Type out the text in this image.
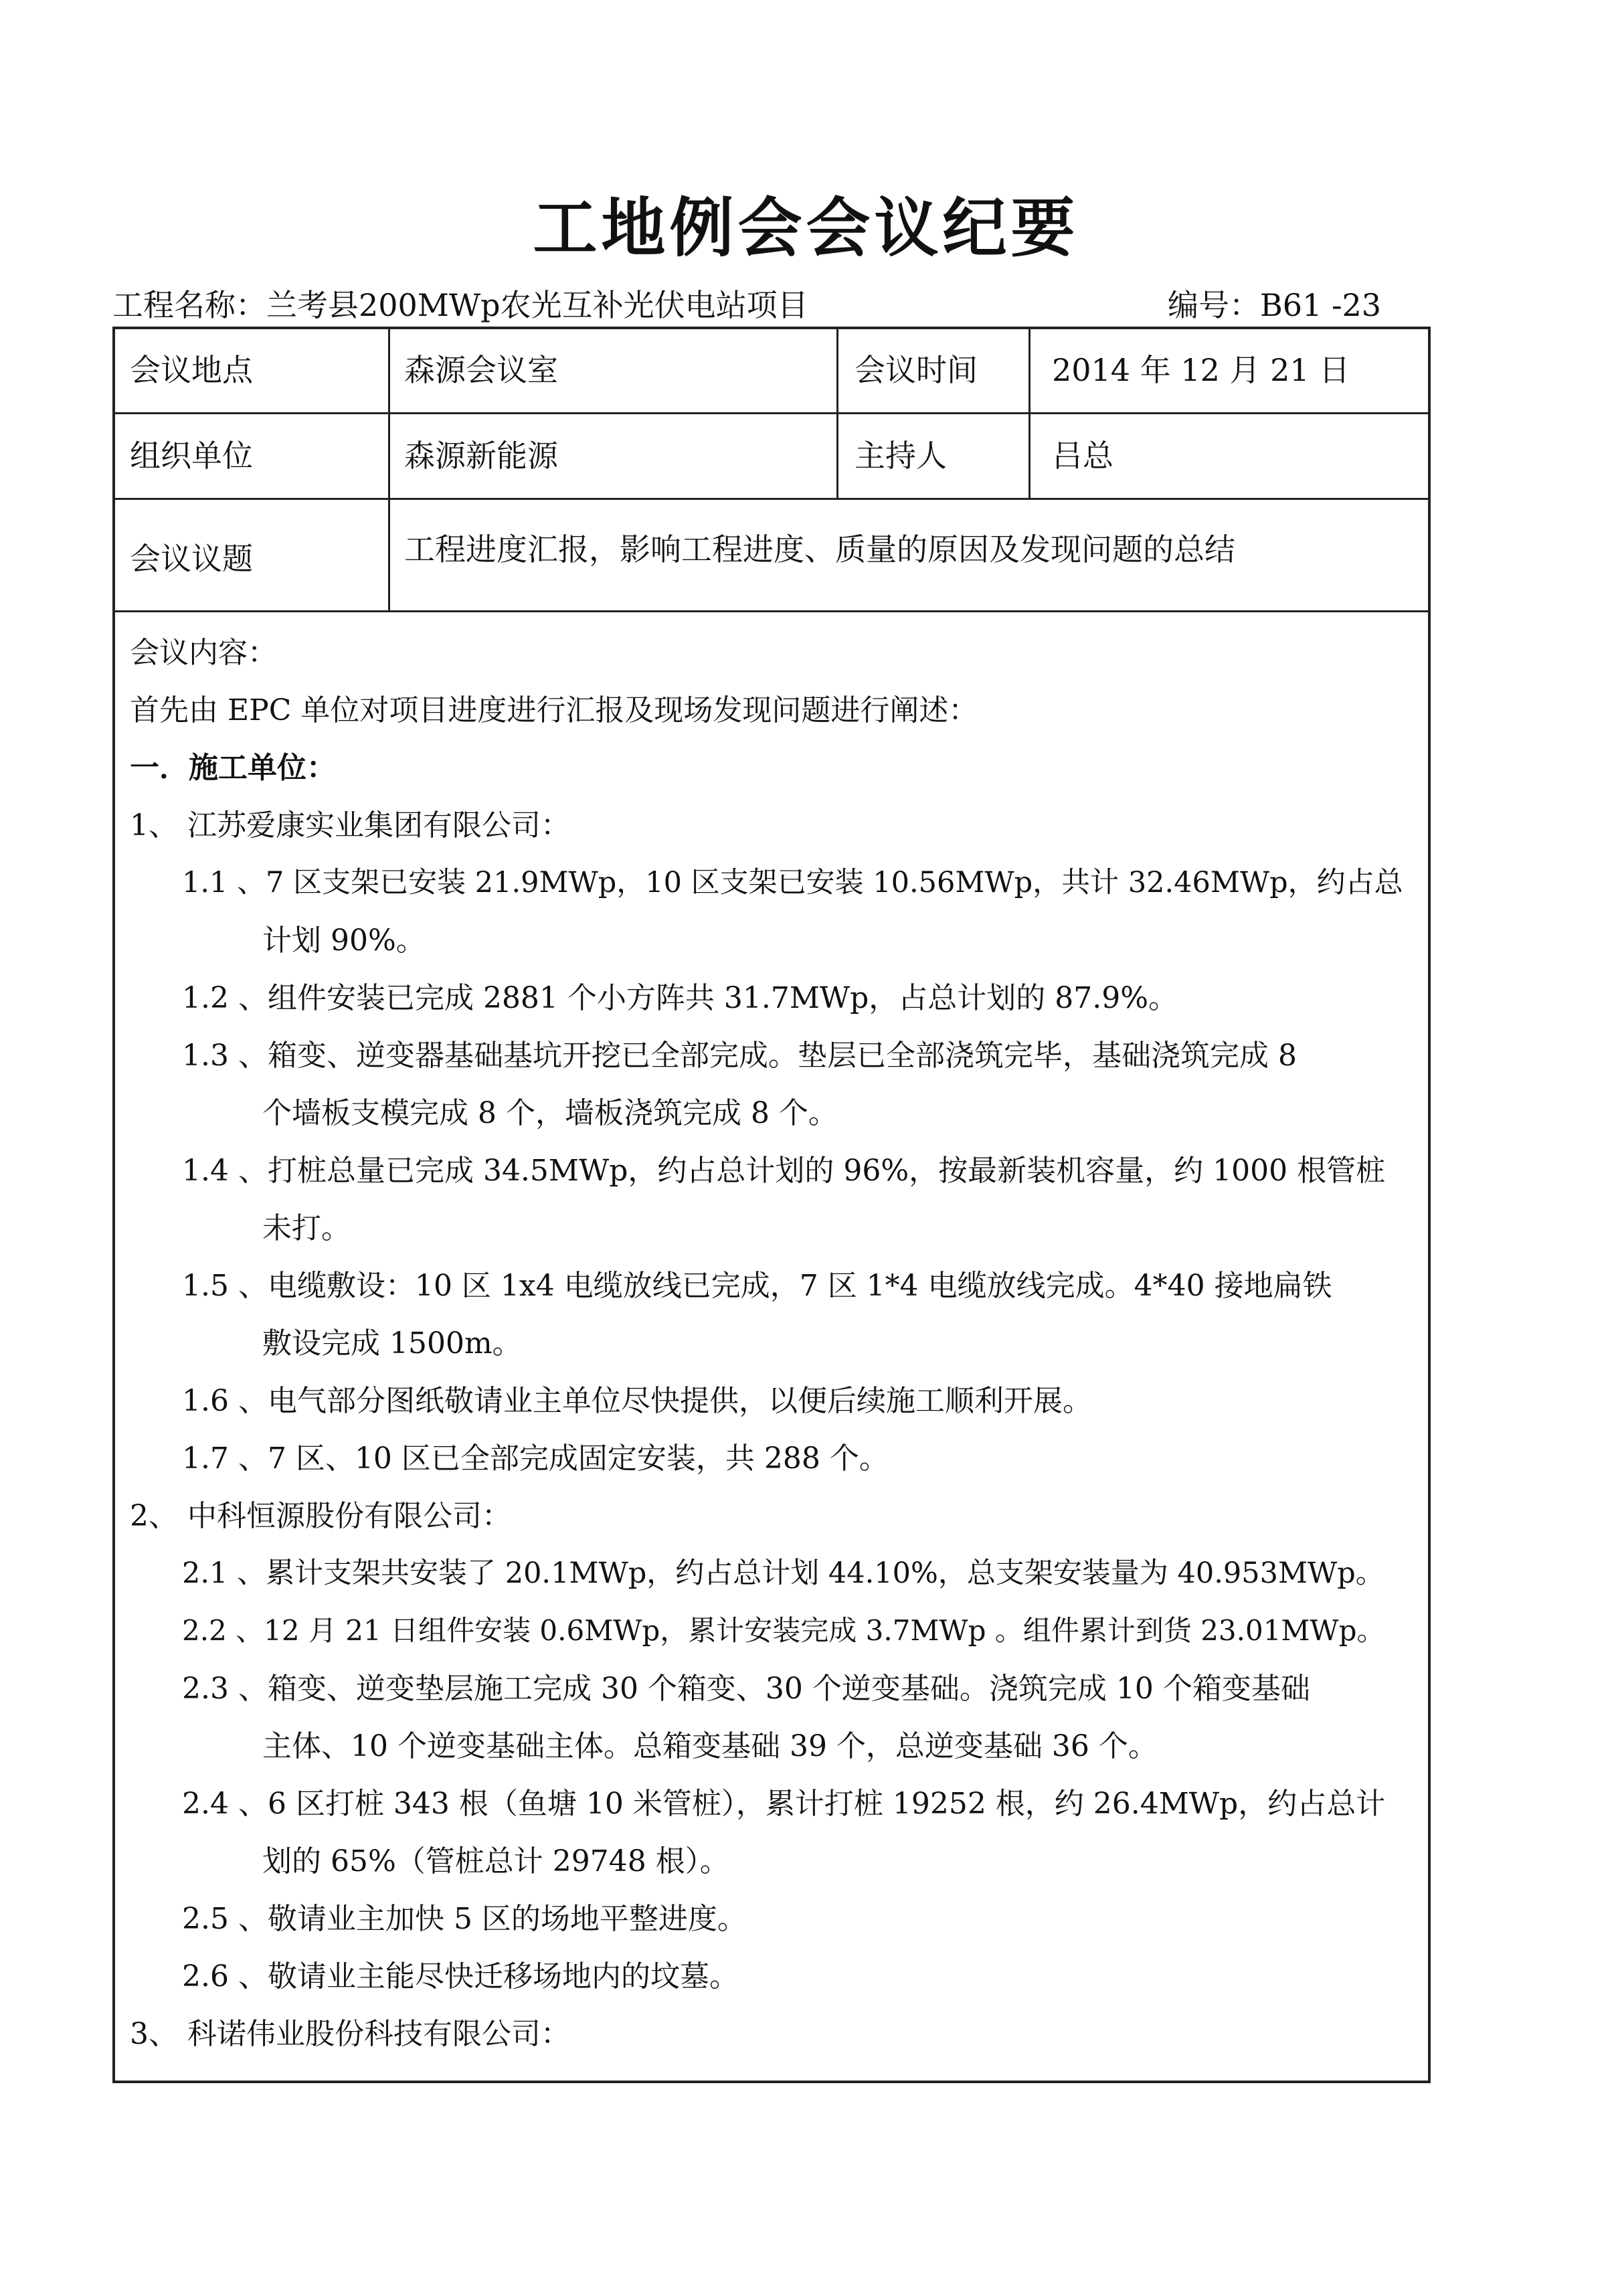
工地例会会议纪要
工程名称：兰考县200MWp农光互补光伏电站项目	编号：B61 -23
会议地点	森源会议室	会议时间 2014 年 12 月 21 日
组织单位	森源新能源	主持人	吕总
会议议题	工程进度汇报，影响工程进度、质量的原因及发现问题的总结
会议内容：
首先由 EPC 单位对项目进度进行汇报及现场发现问题进行阐述：
一．施工单位：
1、 江苏爱康实业集团有限公司：
1.1 、7 区支架已安装 21.9MWp，10 区支架已安装 10.56MWp，共计 32.46MWp，约占总
计划 90%。
1.2 、组件安装已完成 2881 个小方阵共 31.7MWp，占总计划的 87.9%。
1.3 、箱变、逆变器基础基坑开挖已全部完成。垫层已全部浇筑完毕，基础浇筑完成 8
个墙板支模完成 8 个，墙板浇筑完成 8 个。
1.4 、打桩总量已完成 34.5MWp，约占总计划的 96%，按最新装机容量，约 1000 根管桩
未打。
1.5 、电缆敷设：10 区 1x4 电缆放线已完成，7 区 1*4 电缆放线完成。4*40 接地扁铁
敷设完成 1500m。
1.6 、电气部分图纸敬请业主单位尽快提供，以便后续施工顺利开展。
1.7 、7 区、10 区已全部完成固定安装，共 288 个。
2、 中科恒源股份有限公司：
2.1 、累计支架共安装了 20.1MWp，约占总计划 44.10%，总支架安装量为 40.953MWp。
2.2 、12 月 21 日组件安装 0.6MWp，累计安装完成 3.7MWp 。组件累计到货 23.01MWp。
2.3 、箱变、逆变垫层施工完成 30 个箱变、30 个逆变基础。浇筑完成 10 个箱变基础
主体、10 个逆变基础主体。总箱变基础 39 个，总逆变基础 36 个。
2.4 、6 区打桩 343 根（鱼塘 10 米管桩），累计打桩 19252 根，约 26.4MWp，约占总计
划的 65%（管桩总计 29748 根）。
2.5 、敬请业主加快 5 区的场地平整进度。
2.6 、敬请业主能尽快迁移场地内的坟墓。
3、 科诺伟业股份科技有限公司：
